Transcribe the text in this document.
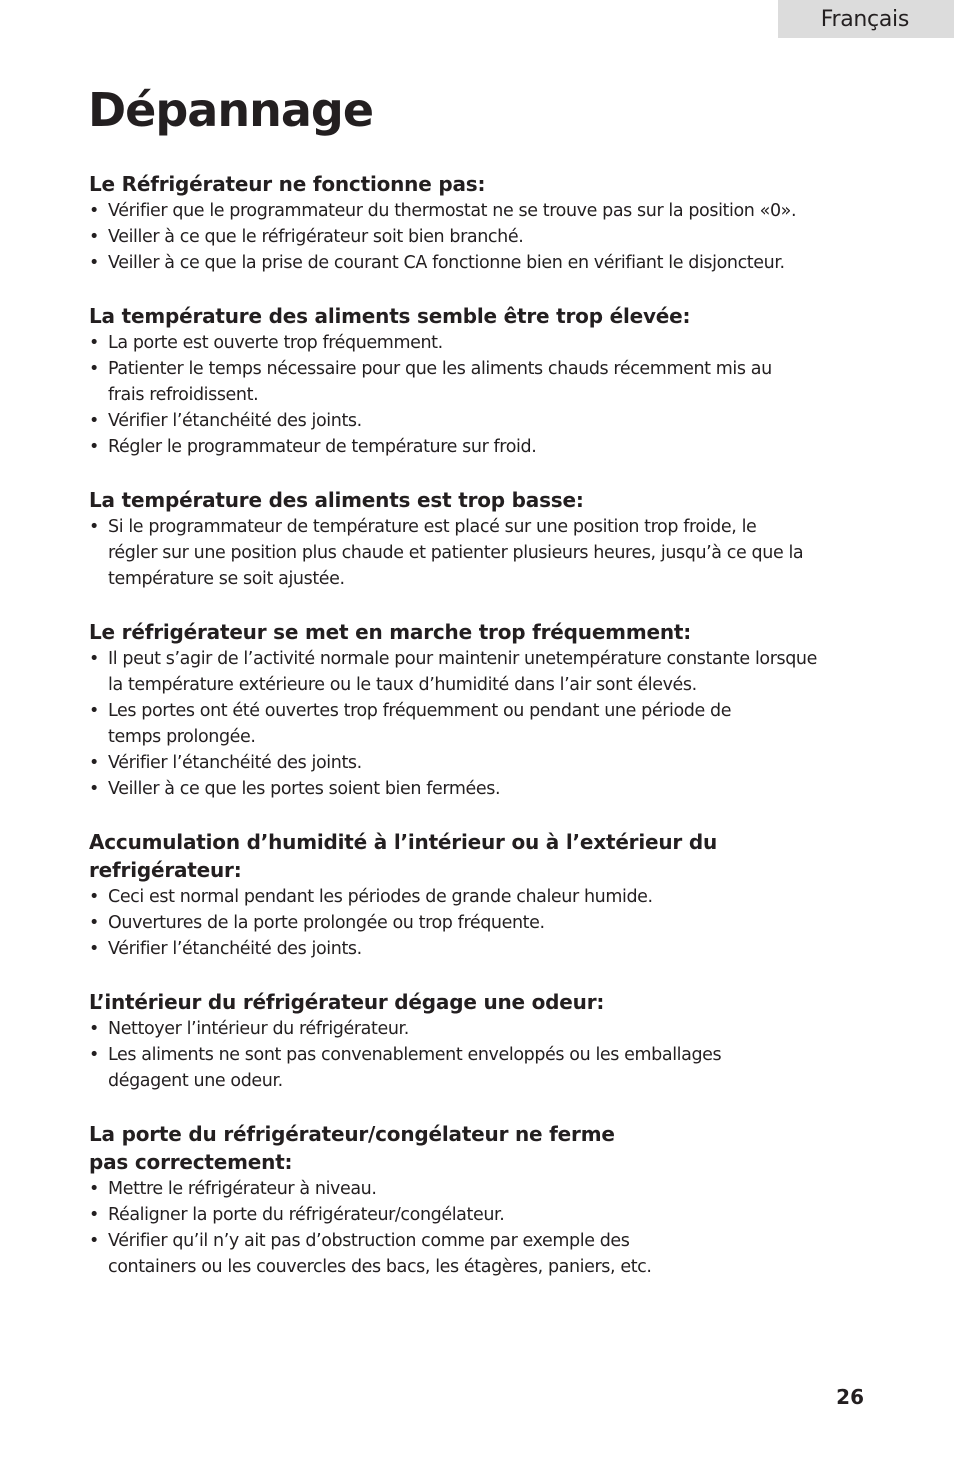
Français
Dépannage
Le Réfrigérateur ne fonctionne pas:
• Vérifier que le programmateur du thermostat ne se trouve pas sur la position «0».
• Veiller à ce que le réfrigérateur soit bien branché.
• Veiller à ce que la prise de courant CA fonctionne bien en vérifiant le disjoncteur.
La température des aliments semble être trop élevée:
• La porte est ouverte trop fréquemment.
• Patienter le temps nécessaire pour que les aliments chauds récemment mis au
frais refroidissent.
• Vérifier l’étanchéité des joints.
• Régler le programmateur de température sur froid.
La température des aliments est trop basse:
• Si le programmateur de température est placé sur une position trop froide, le
régler sur une position plus chaude et patienter plusieurs heures, jusqu’à ce que la
température se soit ajustée.
Le réfrigérateur se met en marche trop fréquemment:
• Il peut s’agir de l’activité normale pour maintenir unetempérature constante lorsque
la température extérieure ou le taux d’humidité dans l’air sont élevés.
• Les portes ont été ouvertes trop fréquemment ou pendant une période de
temps prolongée.
• Vérifier l’étanchéité des joints.
• Veiller à ce que les portes soient bien fermées.
Accumulation d’humidité à l’intérieur ou à l’extérieur du
refrigérateur:
• Ceci est normal pendant les périodes de grande chaleur humide.
• Ouvertures de la porte prolongée ou trop fréquente.
• Vérifier l’étanchéité des joints.
L’intérieur du réfrigérateur dégage une odeur:
• Nettoyer l’intérieur du réfrigérateur.
• Les aliments ne sont pas convenablement enveloppés ou les emballages
dégagent une odeur.
La porte du réfrigérateur/congélateur ne ferme
pas correctement:
• Mettre le réfrigérateur à niveau.
• Réaligner la porte du réfrigérateur/congélateur.
• Vérifier qu’il n’y ait pas d’obstruction comme par exemple des
containers ou les couvercles des bacs, les étagères, paniers, etc.
26
